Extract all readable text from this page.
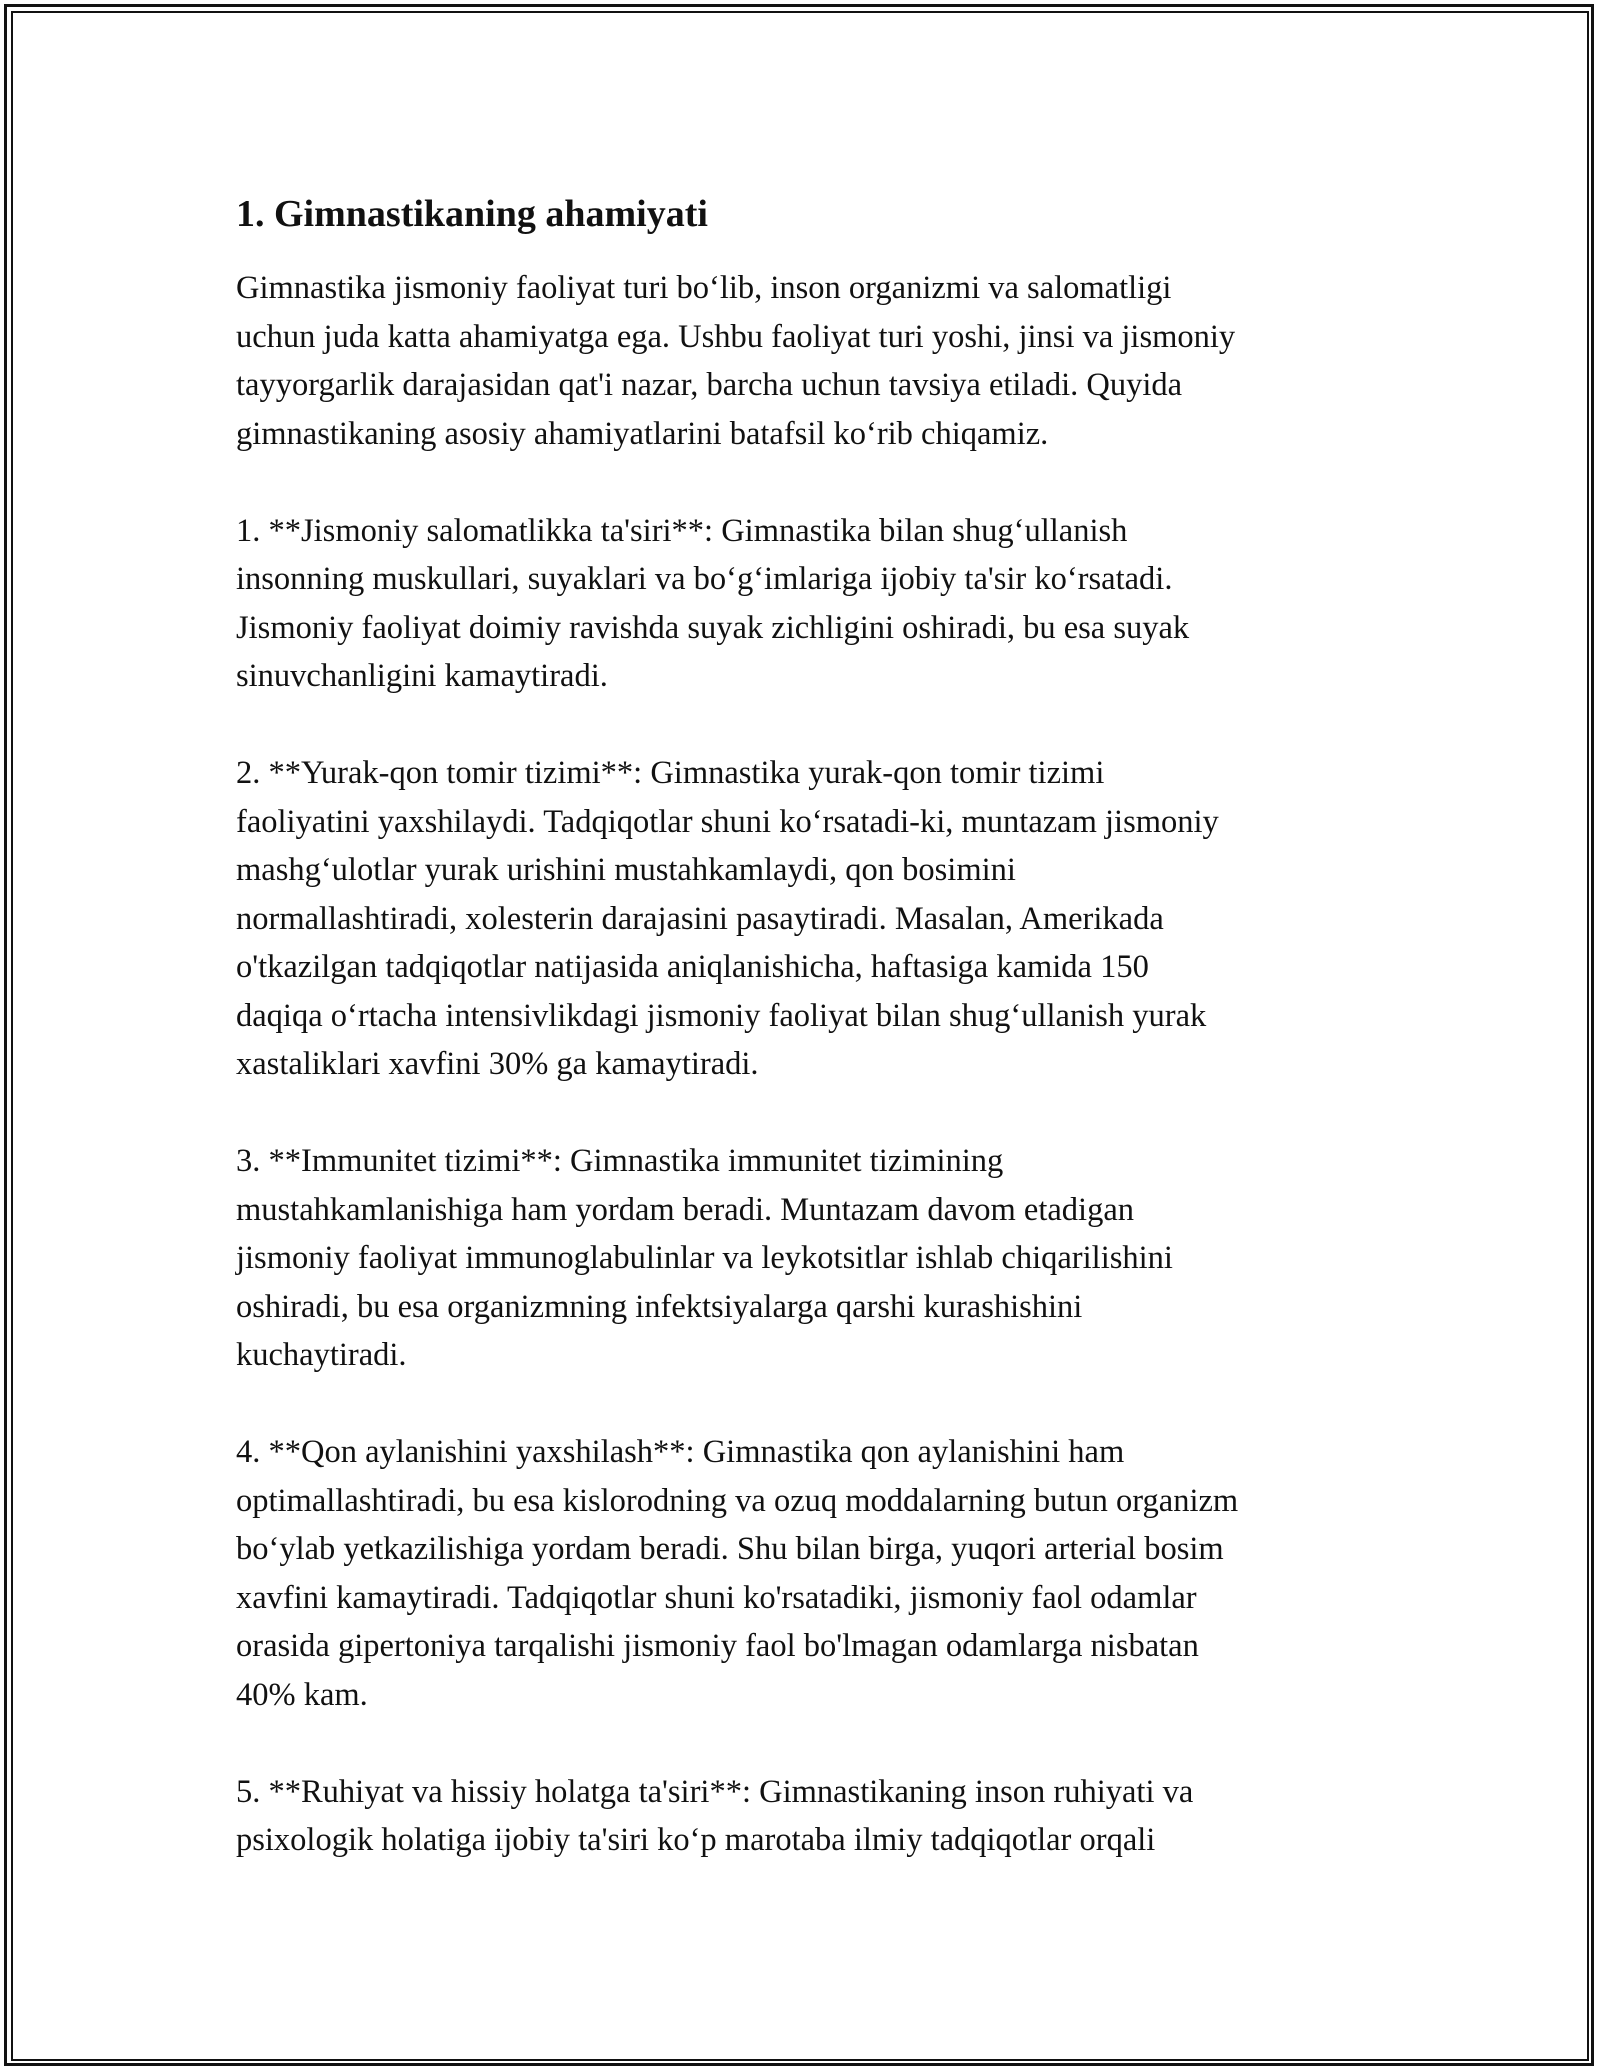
1. Gimnastikaning ahamiyati

Gimnastika jismoniy faoliyat turi boʻlib, inson organizmi va salomatligi
uchun juda katta ahamiyatga ega. Ushbu faoliyat turi yoshi, jinsi va jismoniy
tayyorgarlik darajasidan qat'i nazar, barcha uchun tavsiya etiladi. Quyida
gimnastikaning asosiy ahamiyatlarini batafsil koʻrib chiqamiz.

1. **Jismoniy salomatlikka ta'siri**: Gimnastika bilan shugʻullanish
insonning muskullari, suyaklari va boʻgʻimlariga ijobiy ta'sir koʻrsatadi.
Jismoniy faoliyat doimiy ravishda suyak zichligini oshiradi, bu esa suyak
sinuvchanligini kamaytiradi.

2. **Yurak-qon tomir tizimi**: Gimnastika yurak-qon tomir tizimi
faoliyatini yaxshilaydi. Tadqiqotlar shuni koʻrsatadi-ki, muntazam jismoniy
mashgʻulotlar yurak urishini mustahkamlaydi, qon bosimini
normallashtiradi, xolesterin darajasini pasaytiradi. Masalan, Amerikada
o'tkazilgan tadqiqotlar natijasida aniqlanishicha, haftasiga kamida 150
daqiqa oʻrtacha intensivlikdagi jismoniy faoliyat bilan shugʻullanish yurak
xastaliklari xavfini 30% ga kamaytiradi.

3. **Immunitet tizimi**: Gimnastika immunitet tizimining
mustahkamlanishiga ham yordam beradi. Muntazam davom etadigan
jismoniy faoliyat immunoglabulinlar va leykotsitlar ishlab chiqarilishini
oshiradi, bu esa organizmning infektsiyalarga qarshi kurashishini
kuchaytiradi.

4. **Qon aylanishini yaxshilash**: Gimnastika qon aylanishini ham
optimallashtiradi, bu esa kislorodning va ozuq moddalarning butun organizm
boʻylab yetkazilishiga yordam beradi. Shu bilan birga, yuqori arterial bosim
xavfini kamaytiradi. Tadqiqotlar shuni ko'rsatadiki, jismoniy faol odamlar
orasida gipertoniya tarqalishi jismoniy faol bo'lmagan odamlarga nisbatan
40% kam.

5. **Ruhiyat va hissiy holatga ta'siri**: Gimnastikaning inson ruhiyati va
psixologik holatiga ijobiy ta'siri koʻp marotaba ilmiy tadqiqotlar orqali
